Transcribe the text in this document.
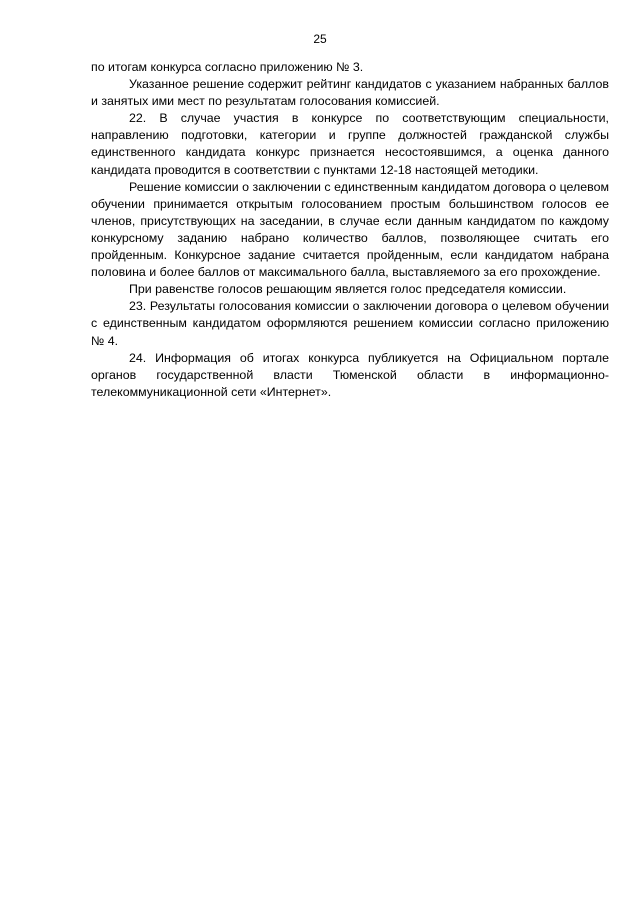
25

по итогам конкурса согласно приложению № 3.

Указанное решение содержит рейтинг кандидатов с указанием набранных баллов и занятых ими мест по результатам голосования комиссией.

22. В случае участия в конкурсе по соответствующим специальности, направлению подготовки, категории и группе должностей гражданской службы единственного кандидата конкурс признается несостоявшимся, а оценка данного кандидата проводится в соответствии с пунктами 12-18 настоящей методики.

Решение комиссии о заключении с единственным кандидатом договора о целевом обучении принимается открытым голосованием простым большинством голосов ее членов, присутствующих на заседании, в случае если данным кандидатом по каждому конкурсному заданию набрано количество баллов, позволяющее считать его пройденным. Конкурсное задание считается пройденным, если кандидатом набрана половина и более баллов от максимального балла, выставляемого за его прохождение.

При равенстве голосов решающим является голос председателя комиссии.

23. Результаты голосования комиссии о заключении договора о целевом обучении с единственным кандидатом оформляются решением комиссии согласно приложению № 4.

24. Информация об итогах конкурса публикуется на Официальном портале органов государственной власти Тюменской области в информационно-телекоммуникационной сети «Интернет».
